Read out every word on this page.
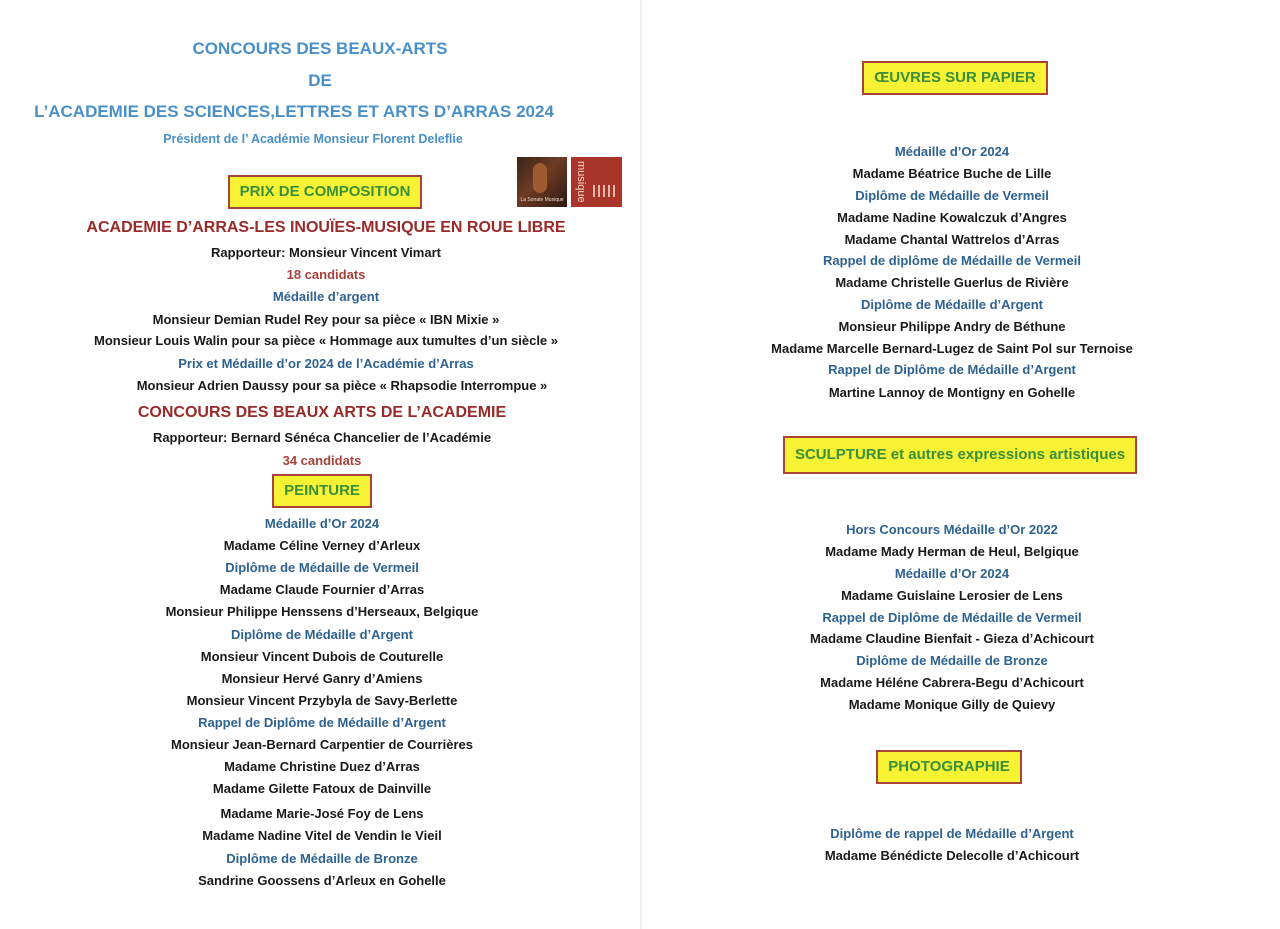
CONCOURS DES BEAUX-ARTS
DE
L’ACADEMIE DES SCIENCES,LETTRES ET ARTS D’ARRAS 2024
Président de l’ Académie Monsieur Florent Deleflie
La Sonate Musique musique
PRIX DE COMPOSITION
ACADEMIE D’ARRAS-LES INOUÏES-MUSIQUE EN ROUE LIBRE
Rapporteur: Monsieur Vincent Vimart
18 candidats
Médaille d’argent
Monsieur Demian Rudel Rey pour sa pièce « IBN Mixie »
Monsieur Louis Walin pour sa pièce « Hommage aux tumultes d’un siècle »
Prix et Médaille d’or 2024 de l’Académie d’Arras
Monsieur Adrien Daussy pour sa pièce « Rhapsodie Interrompue »
CONCOURS DES BEAUX ARTS DE L’ACADEMIE
Rapporteur: Bernard Sénéca Chancelier de l’Académie
34 candidats
PEINTURE
Médaille d’Or 2024
Madame Céline Verney d’Arleux
Diplôme de Médaille de Vermeil
Madame Claude Fournier d’Arras
Monsieur Philippe Henssens d’Herseaux, Belgique
Diplôme de Médaille d’Argent
Monsieur Vincent Dubois de Couturelle
Monsieur Hervé Ganry d’Amiens
Monsieur Vincent Przybyla de Savy-Berlette
Rappel de Diplôme de Médaille d’Argent
Monsieur Jean-Bernard Carpentier de Courrières
Madame Christine Duez d’Arras
Madame Gilette Fatoux de Dainville
Madame Marie-José Foy de Lens
Madame Nadine Vitel de Vendin le Vieil
Diplôme de Médaille de Bronze
Sandrine Goossens d’Arleux en Gohelle
ŒUVRES SUR PAPIER
Médaille d’Or 2024
Madame Béatrice Buche de Lille
Diplôme de Médaille de Vermeil
Madame Nadine Kowalczuk d’Angres
Madame Chantal Wattrelos d’Arras
Rappel de diplôme de Médaille de Vermeil
Madame Christelle Guerlus de Rivière
Diplôme de Médaille d’Argent
Monsieur Philippe Andry de Béthune
Madame Marcelle Bernard-Lugez de Saint Pol sur Ternoise
Rappel de Diplôme de Médaille d’Argent
Martine Lannoy de Montigny en Gohelle
SCULPTURE et autres expressions artistiques
Hors Concours Médaille d’Or 2022
Madame Mady Herman de Heul, Belgique
Médaille d’Or 2024
Madame Guislaine Lerosier de Lens
Rappel de Diplôme de Médaille de Vermeil
Madame Claudine Bienfait - Gieza d’Achicourt
Diplôme de Médaille de Bronze
Madame Héléne Cabrera-Begu d’Achicourt
Madame Monique Gilly de Quievy
PHOTOGRAPHIE
Diplôme de rappel de Médaille d’Argent
Madame Bénédicte Delecolle d’Achicourt
